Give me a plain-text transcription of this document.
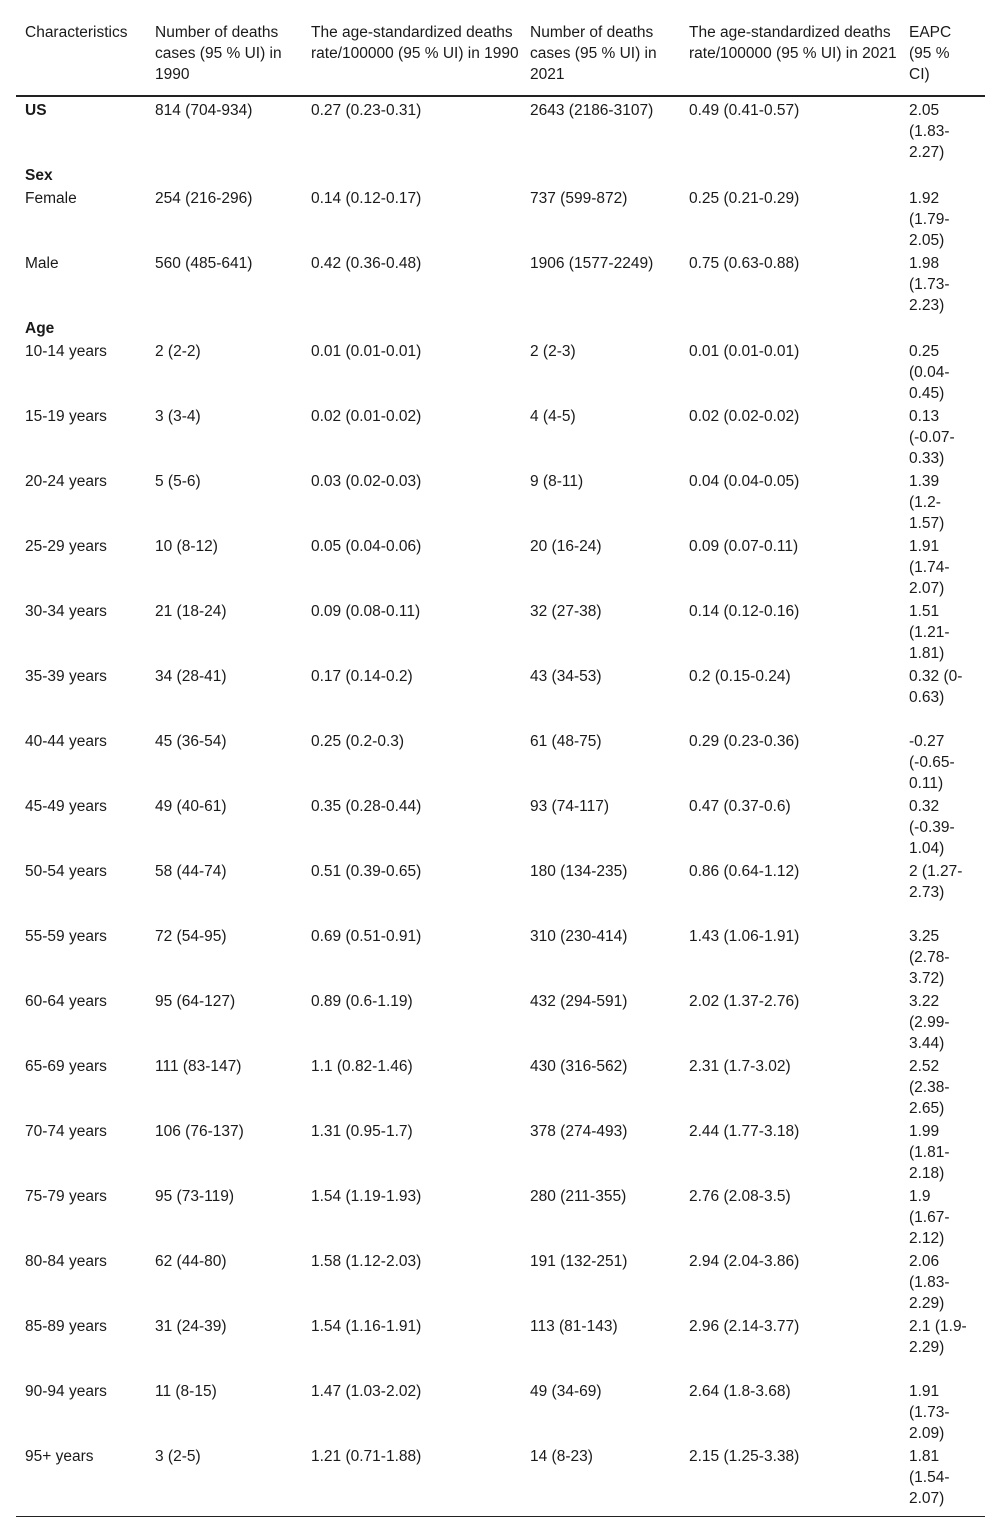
Characteristics	Number of deaths cases (95 % UI) in 1990	The age-standardized deaths rate/100000 (95 % UI) in 1990	Number of deaths cases (95 % UI) in 2021	The age-standardized deaths rate/100000 (95 % UI) in 2021	EAPC (95 % CI)
US	814 (704-934)	0.27 (0.23-0.31)	2643 (2186-3107)	0.49 (0.41-0.57)	2.05 (1.83-2.27)
Sex					
Female	254 (216-296)	0.14 (0.12-0.17)	737 (599-872)	0.25 (0.21-0.29)	1.92 (1.79-2.05)
Male	560 (485-641)	0.42 (0.36-0.48)	1906 (1577-2249)	0.75 (0.63-0.88)	1.98 (1.73-2.23)
Age					
10-14 years	2 (2-2)	0.01 (0.01-0.01)	2 (2-3)	0.01 (0.01-0.01)	0.25 (0.04-0.45)
15-19 years	3 (3-4)	0.02 (0.01-0.02)	4 (4-5)	0.02 (0.02-0.02)	0.13 (-0.07-0.33)
20-24 years	5 (5-6)	0.03 (0.02-0.03)	9 (8-11)	0.04 (0.04-0.05)	1.39 (1.2-1.57)
25-29 years	10 (8-12)	0.05 (0.04-0.06)	20 (16-24)	0.09 (0.07-0.11)	1.91 (1.74-2.07)
30-34 years	21 (18-24)	0.09 (0.08-0.11)	32 (27-38)	0.14 (0.12-0.16)	1.51 (1.21-1.81)
35-39 years	34 (28-41)	0.17 (0.14-0.2)	43 (34-53)	0.2 (0.15-0.24)	0.32 (0-0.63)
40-44 years	45 (36-54)	0.25 (0.2-0.3)	61 (48-75)	0.29 (0.23-0.36)	-0.27 (-0.65-0.11)
45-49 years	49 (40-61)	0.35 (0.28-0.44)	93 (74-117)	0.47 (0.37-0.6)	0.32 (-0.39-1.04)
50-54 years	58 (44-74)	0.51 (0.39-0.65)	180 (134-235)	0.86 (0.64-1.12)	2 (1.27-2.73)
55-59 years	72 (54-95)	0.69 (0.51-0.91)	310 (230-414)	1.43 (1.06-1.91)	3.25 (2.78-3.72)
60-64 years	95 (64-127)	0.89 (0.6-1.19)	432 (294-591)	2.02 (1.37-2.76)	3.22 (2.99-3.44)
65-69 years	111 (83-147)	1.1 (0.82-1.46)	430 (316-562)	2.31 (1.7-3.02)	2.52 (2.38-2.65)
70-74 years	106 (76-137)	1.31 (0.95-1.7)	378 (274-493)	2.44 (1.77-3.18)	1.99 (1.81-2.18)
75-79 years	95 (73-119)	1.54 (1.19-1.93)	280 (211-355)	2.76 (2.08-3.5)	1.9 (1.67-2.12)
80-84 years	62 (44-80)	1.58 (1.12-2.03)	191 (132-251)	2.94 (2.04-3.86)	2.06 (1.83-2.29)
85-89 years	31 (24-39)	1.54 (1.16-1.91)	113 (81-143)	2.96 (2.14-3.77)	2.1 (1.9-2.29)
90-94 years	11 (8-15)	1.47 (1.03-2.02)	49 (34-69)	2.64 (1.8-3.68)	1.91 (1.73-2.09)
95+ years	3 (2-5)	1.21 (0.71-1.88)	14 (8-23)	2.15 (1.25-3.38)	1.81 (1.54-2.07)
